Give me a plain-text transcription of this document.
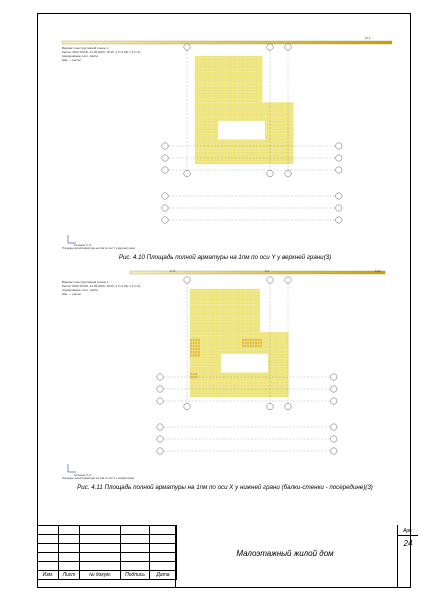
Вариант конструктивной схемы 1
Расчет МКЭ SCAD, 21.05.2020, 18:15, 1.2 (1.64) 1.3 (1.4)
Армирование плит, см2/м
Шаг — расчет
27.1
Площадь полной арматуры на 1пм по оси Y у верхней грани
Сечение X–X
Рис. 4.10 Площадь полной арматуры на 1пм по оси Y у верхней грани(3)
Вариант конструктивной схемы 1
Расчет МКЭ SCAD, 21.05.2020, 18:15, 1.2 (1.64) 1.3 (1.4)
Армирование плит, см2/м
Шаг — расчет
2.71	5.4	8.14
Площадь полной арматуры на 1пм по оси X у нижней грани
Сечение X–X
Рис. 4.11 Площадь полной арматуры на 1пм по оси X у нижней грани (балки-стенки - посередине)(3)

Изм.	Лист	№ докум.	Подпись	Дата
Малоэтажный жилой дом
Арк.
24
